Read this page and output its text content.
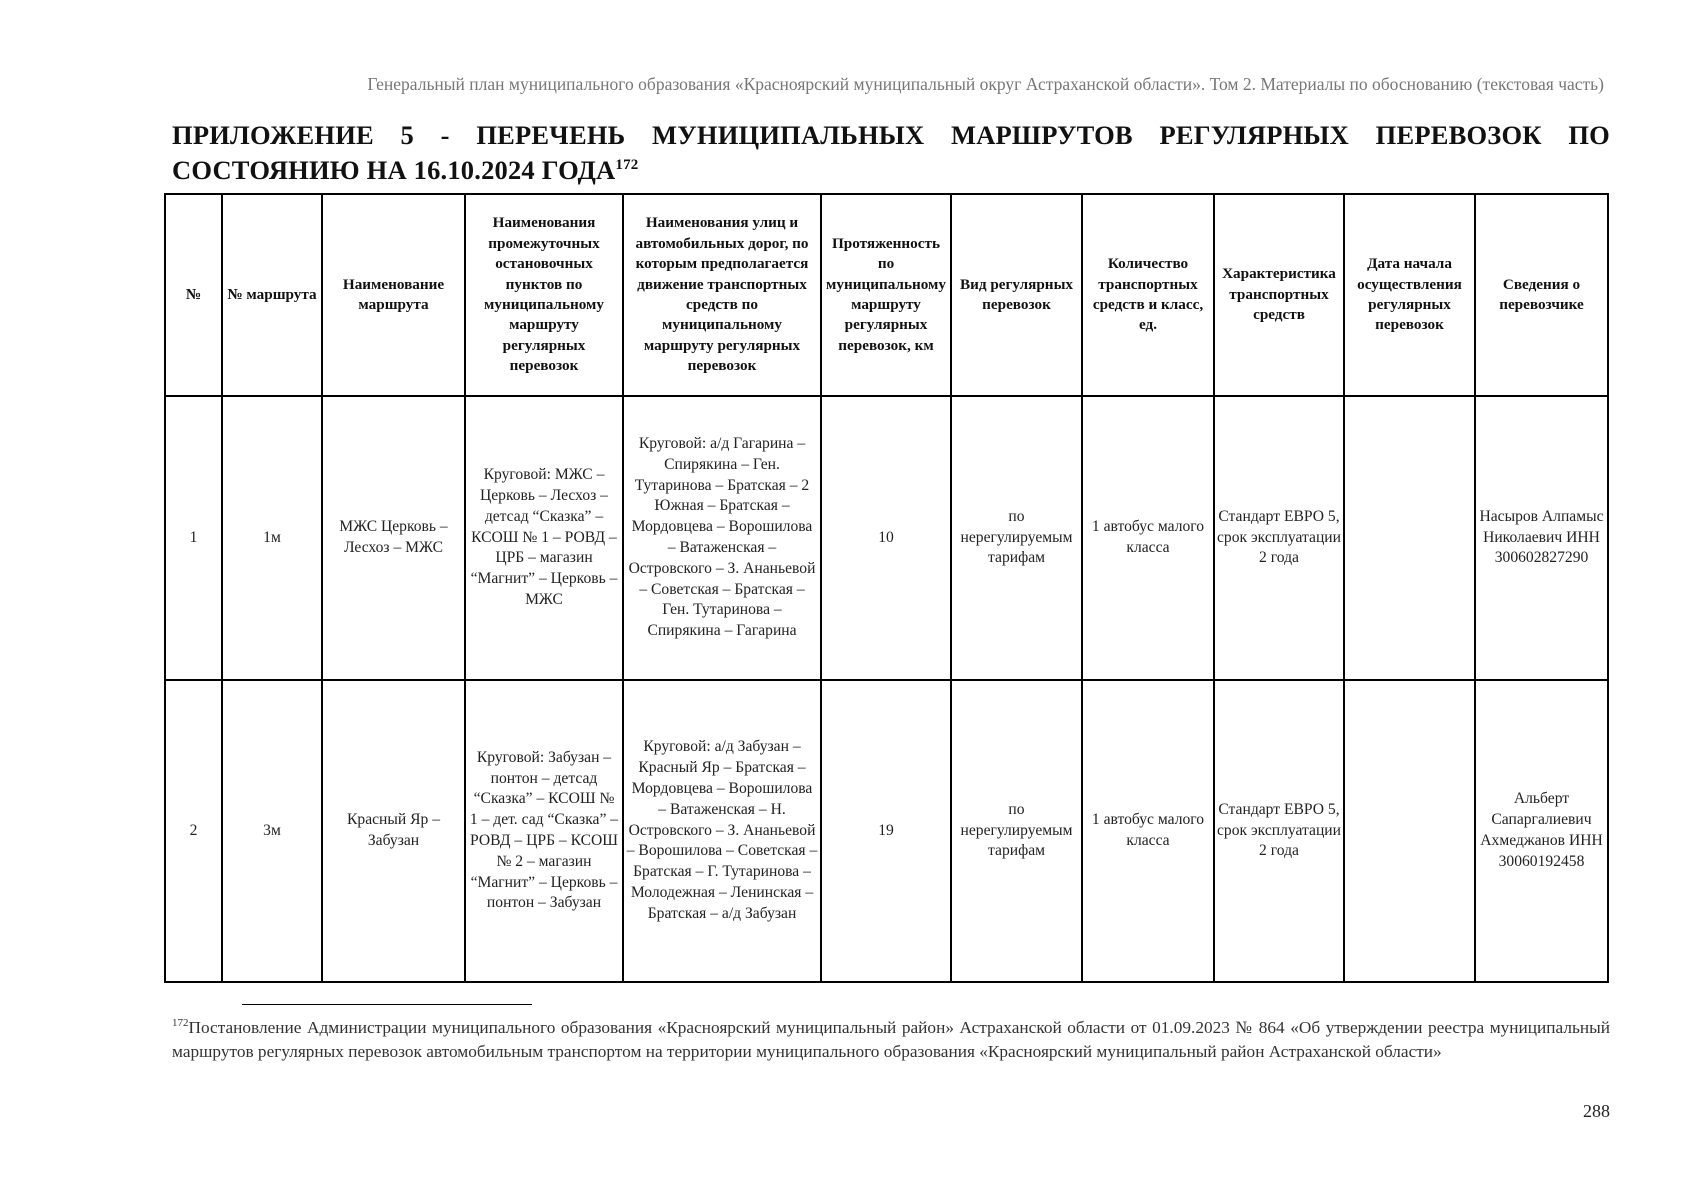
Генеральный план муниципального образования «Красноярский муниципальный округ Астраханской области». Том 2. Материалы по обоснованию (текстовая часть)
ПРИЛОЖЕНИЕ 5 - ПЕРЕЧЕНЬ МУНИЦИПАЛЬНЫХ МАРШРУТОВ РЕГУЛЯРНЫХ ПЕРЕВОЗОК ПО СОСТОЯНИЮ НА 16.10.2024 ГОДА$^{172}$
№	№ маршрута	Наименование маршрута	Наименования промежуточных остановочных пунктов по муниципальному маршруту регулярных перевозок	Наименования улиц и автомобильных дорог, по которым предполагается движение транспортных средств по муниципальному маршруту регулярных перевозок	Протяженность по муниципальному маршруту регулярных перевозок, км	Вид регулярных перевозок	Количество транспортных средств и класс, ед.	Характеристика транспортных средств	Дата начала осуществления регулярных перевозок	Сведения о перевозчике
1	1м	МЖС Церковь – Лесхоз – МЖС	Круговой: МЖС – Церковь – Лесхоз – детсад “Сказка” – КСОШ № 1 – РОВД – ЦРБ – магазин “Магнит” – Церковь – МЖС	Круговой: а/д Гагарина – Спирякина – Ген. Тутаринова – Братская – 2 Южная – Братская – Мордовцева – Ворошилова – Ватаженская – Островского – З. Ананьевой – Советская – Братская – Ген. Тутаринова – Спирякина – Гагарина	10	по нерегулируемым тарифам	1 автобус малого класса	Стандарт ЕВРО 5, срок эксплуатации 2 года		Насыров Алпамыс Николаевич ИНН 300602827290
2	3м	Красный Яр – Забузан	Круговой: Забузан – понтон – детсад “Сказка” – КСОШ № 1 – дет. сад “Сказка” – РОВД – ЦРБ – КСОШ № 2 – магазин “Магнит” – Церковь – понтон – Забузан	Круговой: а/д Забузан – Красный Яр – Братская – Мордовцева – Ворошилова – Ватаженская – Н. Островского – З. Ананьевой – Ворошилова – Советская – Братская – Г. Тутаринова – Молодежная – Ленинская – Братская – а/д Забузан	19	по нерегулируемым тарифам	1 автобус малого класса	Стандарт ЕВРО 5, срок эксплуатации 2 года		Альберт Сапаргалиевич Ахмеджанов ИНН 30060192458
$^{172}$Постановление Администрации муниципального образования «Красноярский муниципальный район» Астраханской области от 01.09.2023 № 864 «Об утверждении реестра муниципальный маршрутов регулярных перевозок автомобильным транспортом на территории муниципального образования «Красноярский муниципальный район Астраханской области»
288
